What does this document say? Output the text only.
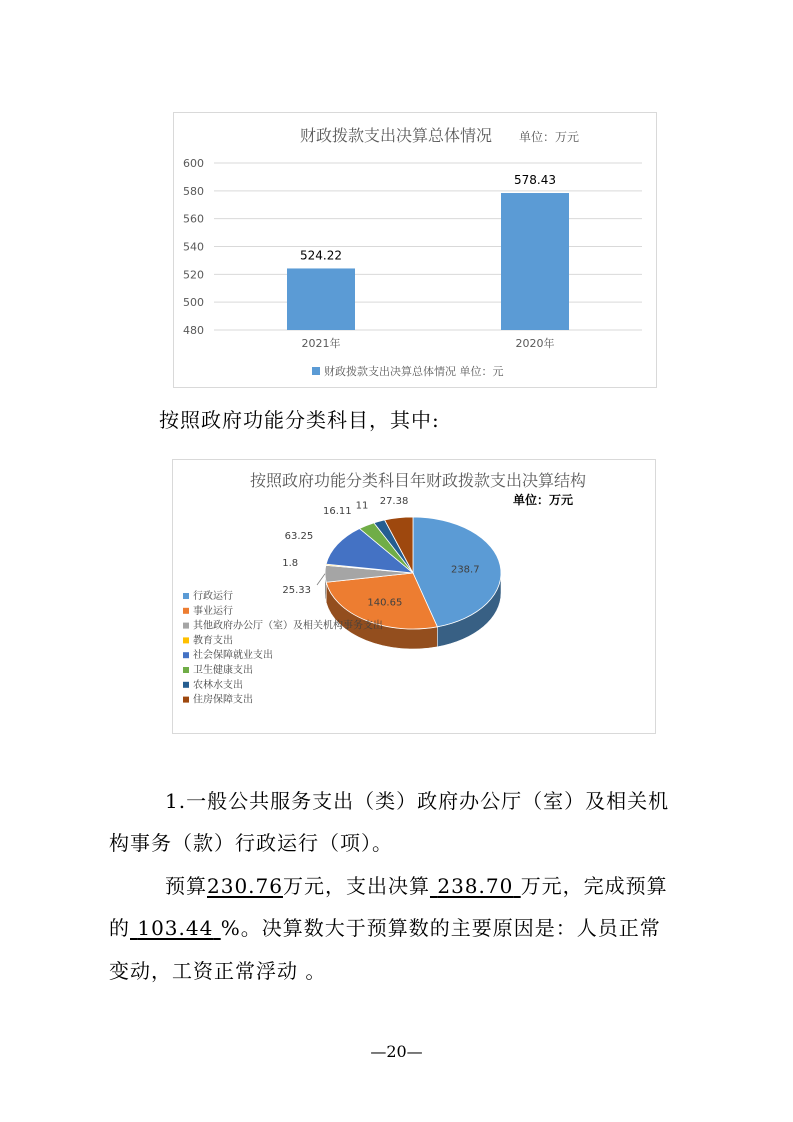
财政拨款支出决算总体情况 单位：万元
480
500
520
540
560
580
600
524.22
2021年
578.43
2020年
财政拨款支出决算总体情况 单位：元
按照政府功能分类科目，其中:
按照政府功能分类科目年财政拨款支出决算结构
单位：万元
238.7
140.65
25.33
1.8
63.25
16.11 11 27.38
行政运行
事业运行
其他政府办公厅（室）及相关机构事务支出
教育支出
社会保障就业支出
卫生健康支出
农林水支出
住房保障支出
1.一般公共服务支出（类）政府办公厅（室）及相关机
构事务（款）行政运行（项）。
预算230.76万元，支出决算 238.70 万元，完成预算
的 103.44 %。决算数大于预算数的主要原因是：人员正常
变动，工资正常浮动 。
—20—
